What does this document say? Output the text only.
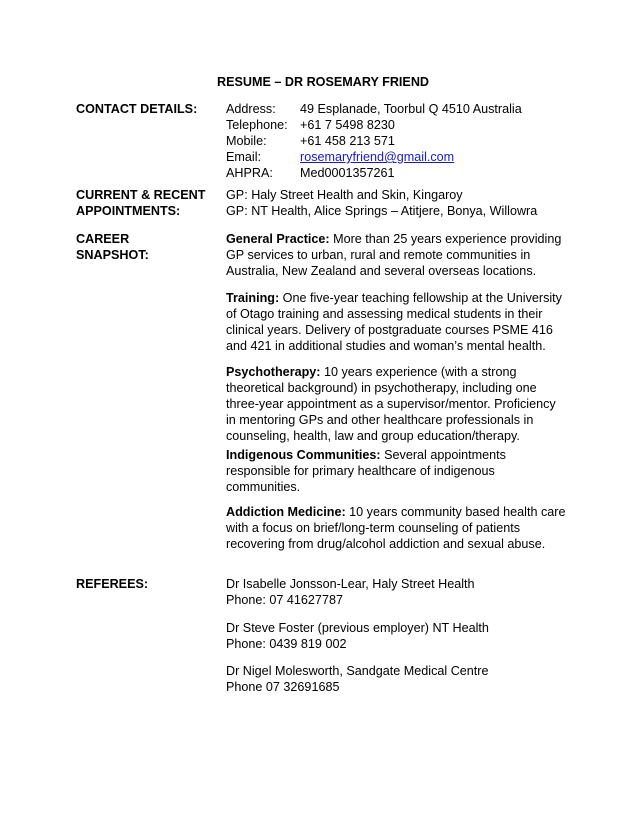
RESUME – DR ROSEMARY FRIEND
CONTACT DETAILS: Address:	49 Esplanade, Toorbul Q 4510 Australia
Telephone: +61 7 5498 8230
Mobile:	+61 458 213 571
Email:	rosemaryfriend@gmail.com
AHPRA:	Med0001357261
CURRENT & RECENT
APPOINTMENTS:
GP: Haly Street Health and Skin, Kingaroy
GP: NT Health, Alice Springs – Atitjere, Bonya, Willowra
CAREER
SNAPSHOT:

General Practice: More than 25 years experience providing
GP services to urban, rural and remote communities in
Australia, New Zealand and several overseas locations.

Training: One five-year teaching fellowship at the University
of Otago training and assessing medical students in their
clinical years. Delivery of postgraduate courses PSME 416
and 421 in additional studies and woman’s mental health.

Psychotherapy: 10 years experience (with a strong
theoretical background) in psychotherapy, including one
three-year appointment as a supervisor/mentor. Proficiency
in mentoring GPs and other healthcare professionals in
counseling, health, law and group education/therapy.

Indigenous Communities: Several appointments
responsible for primary healthcare of indigenous
communities.

Addiction Medicine: 10 years community based health care
with a focus on brief/long-term counseling of patients
recovering from drug/alcohol addiction and sexual abuse.

REFEREES:	Dr Isabelle Jonsson-Lear, Haly Street Health
Phone: 07 41627787
Dr Steve Foster (previous employer) NT Health
Phone: 0439 819 002
Dr Nigel Molesworth, Sandgate Medical Centre
Phone 07 32691685
